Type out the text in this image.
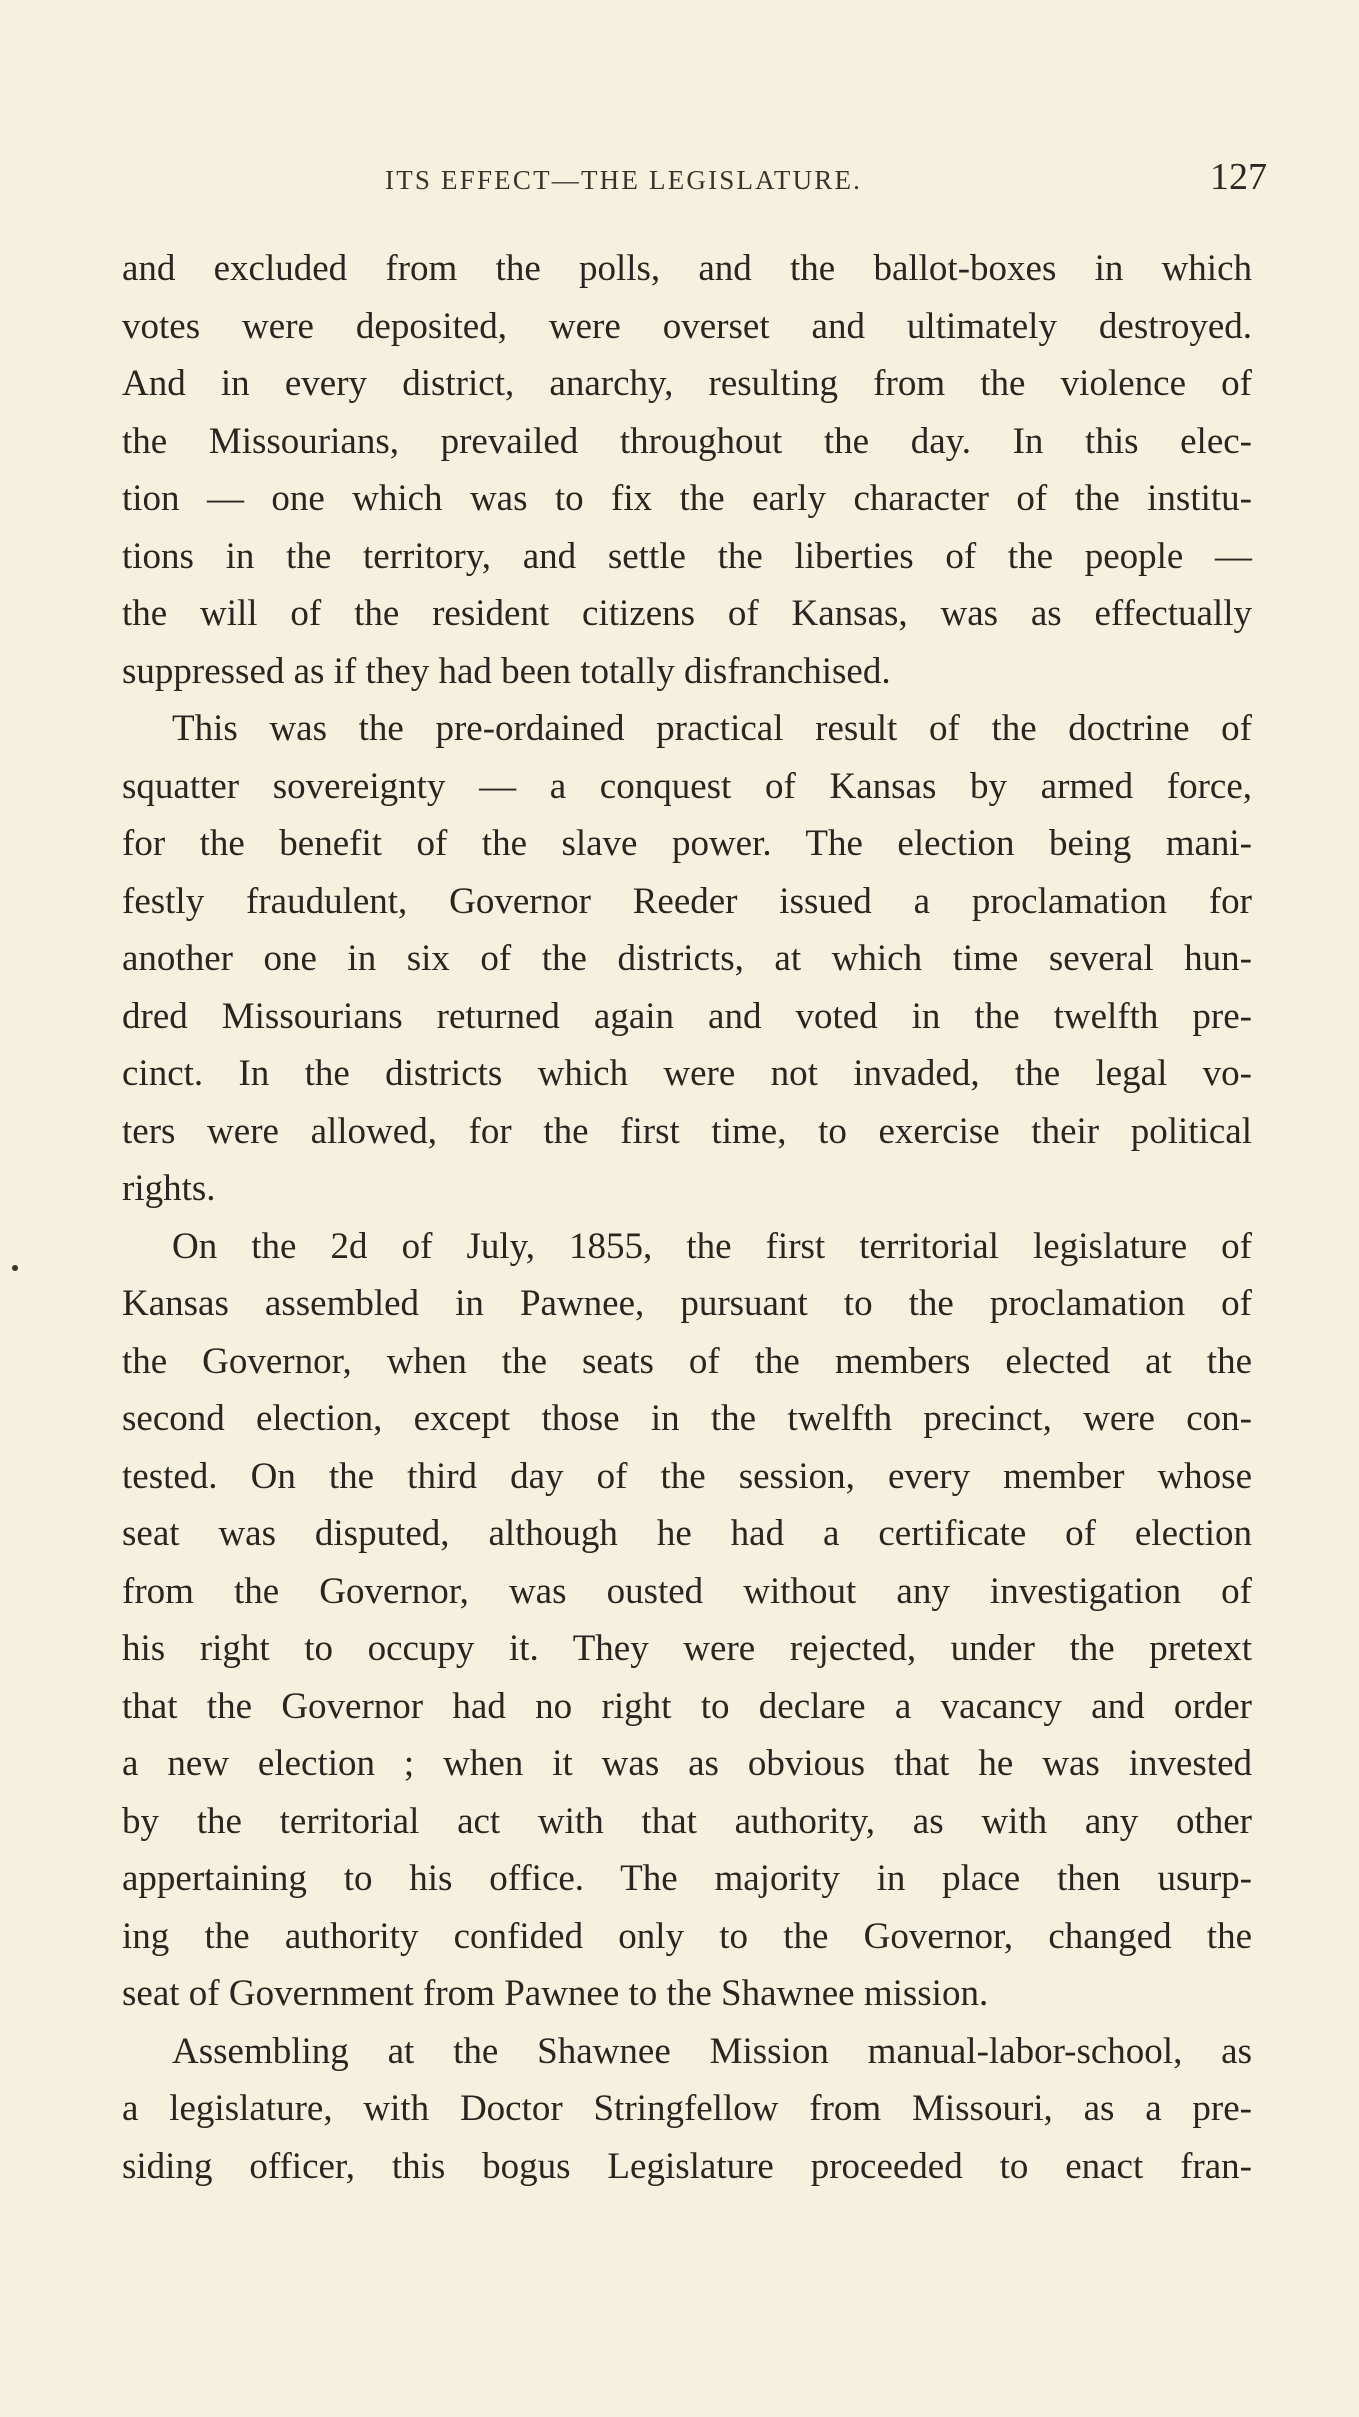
ITS EFFECT—THE LEGISLATURE.	127
and excluded from the polls, and the ballot-boxes in which
votes were deposited, were overset and ultimately destroyed.
And in every district, anarchy, resulting from the violence of
the Missourians, prevailed throughout the day. In this elec-
tion — one which was to fix the early character of the institu-
tions in the territory, and settle the liberties of the people —
the will of the resident citizens of Kansas, was as effectually
suppressed as if they had been totally disfranchised.
This was the pre-ordained practical result of the doctrine of
squatter sovereignty — a conquest of Kansas by armed force,
for the benefit of the slave power. The election being mani-
festly fraudulent, Governor Reeder issued a proclamation for
another one in six of the districts, at which time several hun-
dred Missourians returned again and voted in the twelfth pre-
cinct. In the districts which were not invaded, the legal vo-
ters were allowed, for the first time, to exercise their political
rights.
On the 2d of July, 1855, the first territorial legislature of
Kansas assembled in Pawnee, pursuant to the proclamation of
the Governor, when the seats of the members elected at the
second election, except those in the twelfth precinct, were con-
tested. On the third day of the session, every member whose
seat was disputed, although he had a certificate of election
from the Governor, was ousted without any investigation of
his right to occupy it. They were rejected, under the pretext
that the Governor had no right to declare a vacancy and order
a new election ; when it was as obvious that he was invested
by the territorial act with that authority, as with any other
appertaining to his office. The majority in place then usurp-
ing the authority confided only to the Governor, changed the
seat of Government from Pawnee to the Shawnee mission.
Assembling at the Shawnee Mission manual-labor-school, as
a legislature, with Doctor Stringfellow from Missouri, as a pre-
siding officer, this bogus Legislature proceeded to enact fran-
